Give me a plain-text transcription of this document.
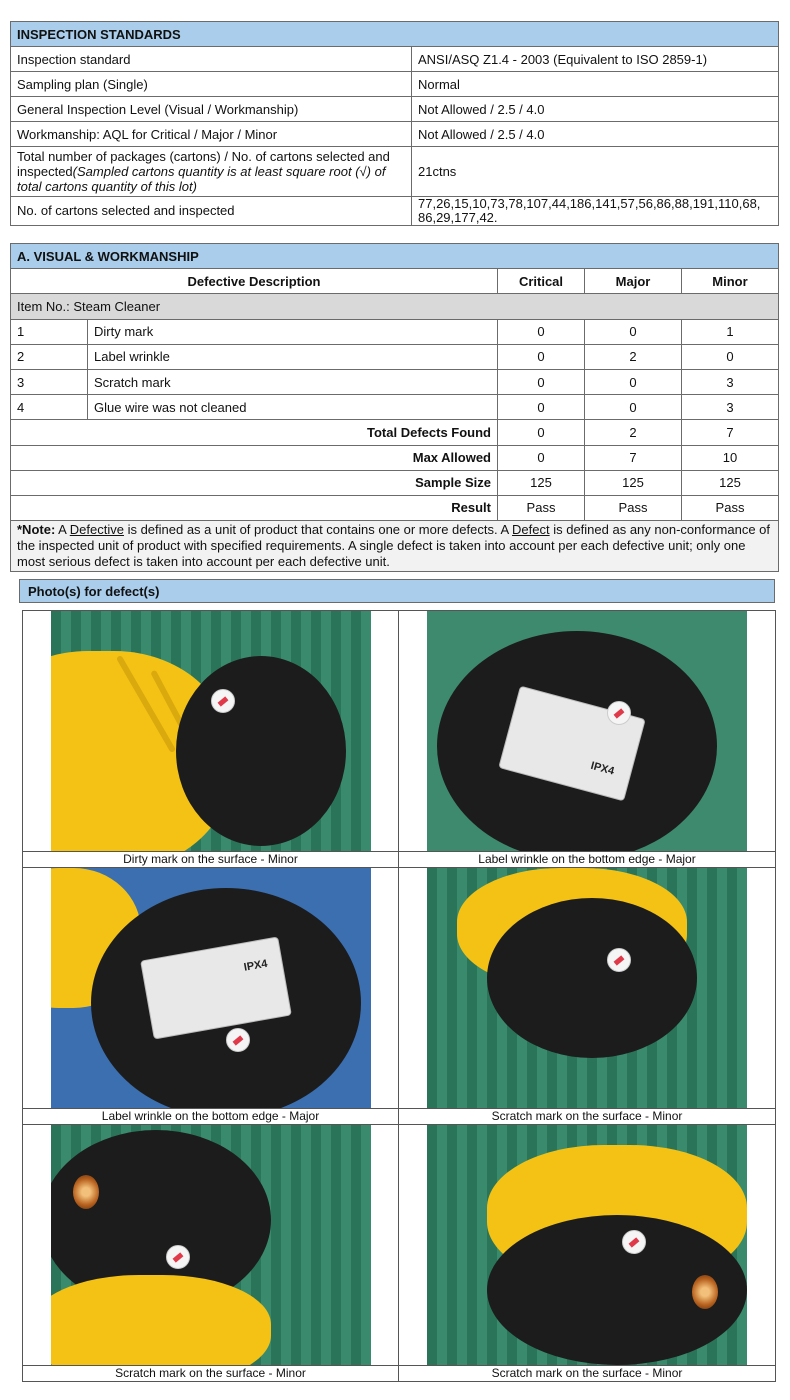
INSPECTION STANDARDS	
Inspection standard	ANSI/ASQ Z1.4 - 2003 (Equivalent to ISO 2859-1)
Sampling plan (Single)	Normal
General Inspection Level (Visual / Workmanship)	Not Allowed / 2.5 / 4.0
Workmanship: AQL for Critical / Major / Minor	Not Allowed / 2.5 / 4.0
Total number of packages (cartons) / No. of cartons selected and inspected(Sampled cartons quantity is at least square root (√) of total cartons quantity of this lot)	21ctns
No. of cartons selected and inspected	77,26,15,10,73,78,107,44,186,141,57,56,86,88,191,110,68,
86,29,177,42.
A. VISUAL & WORKMANSHIP				
Defective Description		Critical	Major	Minor
Item No.: Steam Cleaner				
1	Dirty mark	0	0	1
2	Label wrinkle	0	2	0
3	Scratch mark	0	0	3
4	Glue wire was not cleaned	0	0	3
Total Defects Found		0	2	7
Max Allowed		0	7	10
Sample Size		125	125	125
Result		Pass	Pass	Pass
*Note: A Defective is defined as a unit of product that contains one or more defects. A Defect is defined as any non-conformance of the inspected unit of product with specified requirements. A single defect is taken into account per each defective unit; only one most serious defect is taken into account per each defective unit.				
Photo(s) for defect(s)

	IPX4

Dirty mark on the surface - Minor	Label wrinkle on the bottom edge - Major

IPX4	

Label wrinkle on the bottom edge - Major	Scratch mark on the surface - Minor

Scratch mark on the surface - Minor	Scratch mark on the surface - Minor
